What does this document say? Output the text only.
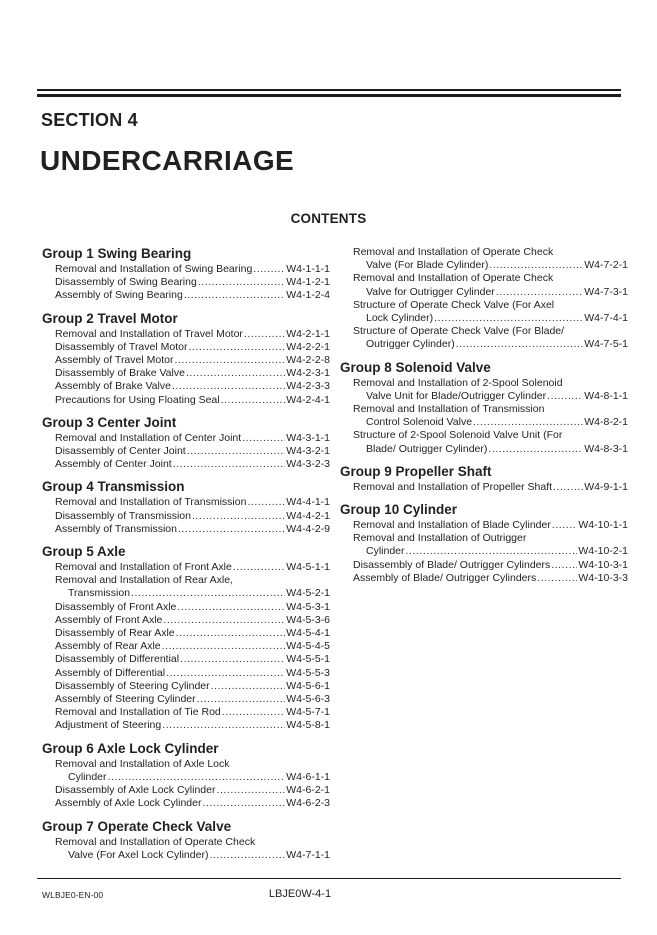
SECTION 4
UNDERCARRIAGE
CONTENTS
Group 1 Swing Bearing
Removal and Installation of Swing Bearing .....	W4-1-1-1
Disassembly of Swing Bearing .....	W4-1-2-1
Assembly of Swing Bearing .....	W4-1-2-4
Group 2 Travel Motor
Removal and Installation of Travel Motor .....	W4-2-1-1
Disassembly of Travel Motor .....	W4-2-2-1
Assembly of Travel Motor .....	W4-2-2-8
Disassembly of Brake Valve .....	W4-2-3-1
Assembly of Brake Valve .....	W4-2-3-3
Precautions for Using Floating Seal .....	W4-2-4-1
Group 3 Center Joint
Removal and Installation of Center Joint .....	W4-3-1-1
Disassembly of Center Joint .....	W4-3-2-1
Assembly of Center Joint .....	W4-3-2-3
Group 4 Transmission
Removal and Installation of Transmission .....	W4-4-1-1
Disassembly of Transmission .....	W4-4-2-1
Assembly of Transmission .....	W4-4-2-9
Group 5 Axle
Removal and Installation of Front Axle .....	W4-5-1-1
Removal and Installation of Rear Axle,
Transmission .....	W4-5-2-1
Disassembly of Front Axle .....	W4-5-3-1
Assembly of Front Axle .....	W4-5-3-6
Disassembly of Rear Axle .....	W4-5-4-1
Assembly of Rear Axle .....	W4-5-4-5
Disassembly of Differential .....	W4-5-5-1
Assembly of Differential .....	W4-5-5-3
Disassembly of Steering Cylinder .....	W4-5-6-1
Assembly of Steering Cylinder .....	W4-5-6-3
Removal and Installation of Tie Rod .....	W4-5-7-1
Adjustment of Steering .....	W4-5-8-1
Group 6 Axle Lock Cylinder
Removal and Installation of Axle Lock
Cylinder .....	W4-6-1-1
Disassembly of Axle Lock Cylinder .....	W4-6-2-1
Assembly of Axle Lock Cylinder .....	W4-6-2-3
Group 7 Operate Check Valve
Removal and Installation of Operate Check
Valve (For Axel Lock Cylinder) .....	W4-7-1-1
Removal and Installation of Operate Check
Valve (For Blade Cylinder) .....	W4-7-2-1
Removal and Installation of Operate Check
Valve for Outrigger Cylinder .....	W4-7-3-1
Structure of Operate Check Valve (For Axel
Lock Cylinder) .....	W4-7-4-1
Structure of Operate Check Valve (For Blade/
Outrigger Cylinder) .....	W4-7-5-1
Group 8 Solenoid Valve
Removal and Installation of 2-Spool Solenoid
Valve Unit for Blade/Outrigger Cylinder .....	W4-8-1-1
Removal and Installation of Transmission
Control Solenoid Valve .....	W4-8-2-1
Structure of 2-Spool Solenoid Valve Unit (For
Blade/ Outrigger Cylinder) .....	W4-8-3-1
Group 9 Propeller Shaft
Removal and Installation of Propeller Shaft .....	W4-9-1-1
Group 10 Cylinder
Removal and Installation of Blade Cylinder .....	W4-10-1-1
Removal and Installation of Outrigger
Cylinder .....	W4-10-2-1
Disassembly of Blade/ Outrigger Cylinders .....	W4-10-3-1
Assembly of Blade/ Outrigger Cylinders .....	W4-10-3-3
WLBJE0-EN-00	LBJE0W-4-1
